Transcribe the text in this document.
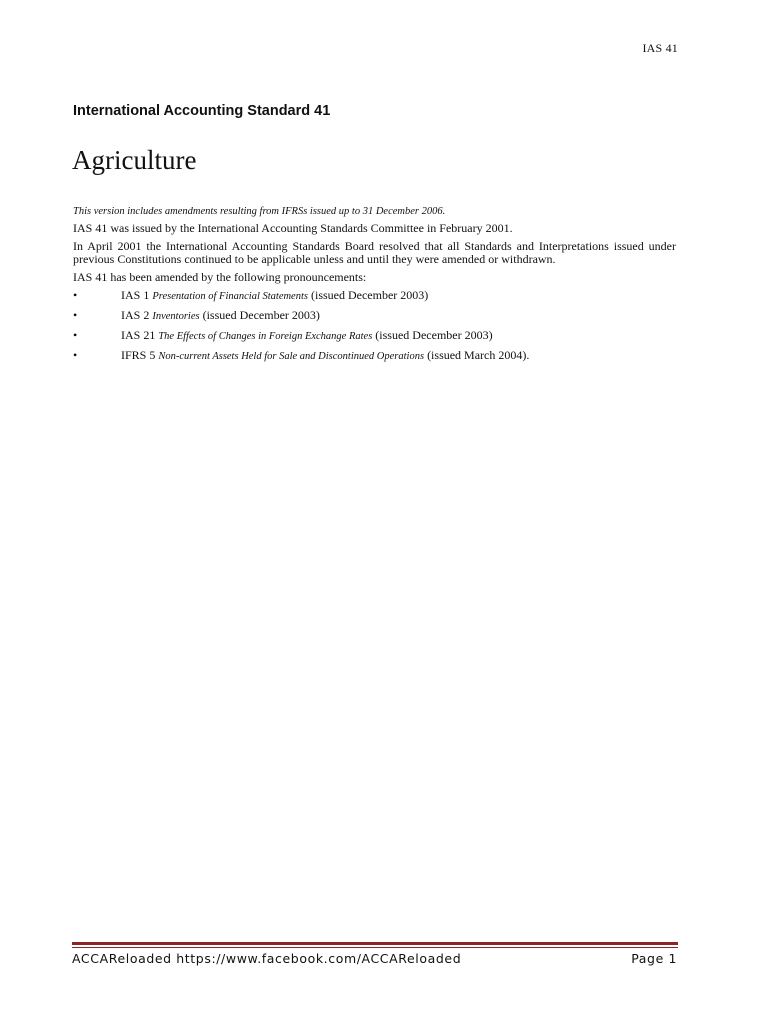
IAS 41
International Accounting Standard 41
Agriculture

This version includes amendments resulting from IFRSs issued up to 31 December 2006.

IAS 41 was issued by the International Accounting Standards Committee in February 2001.

In April 2001 the International Accounting Standards Board resolved that all Standards and Interpretations issued under previous Constitutions continued to be applicable unless and until they were amended or withdrawn.

IAS 41 has been amended by the following pronouncements:

•	IAS 1 Presentation of Financial Statements (issued December 2003)
•	IAS 2 Inventories (issued December 2003)
•	IAS 21 The Effects of Changes in Foreign Exchange Rates (issued December 2003)
•	IFRS 5 Non-current Assets Held for Sale and Discontinued Operations (issued March 2004).
ACCAReloaded https://www.facebook.com/ACCAReloaded	Page 1
